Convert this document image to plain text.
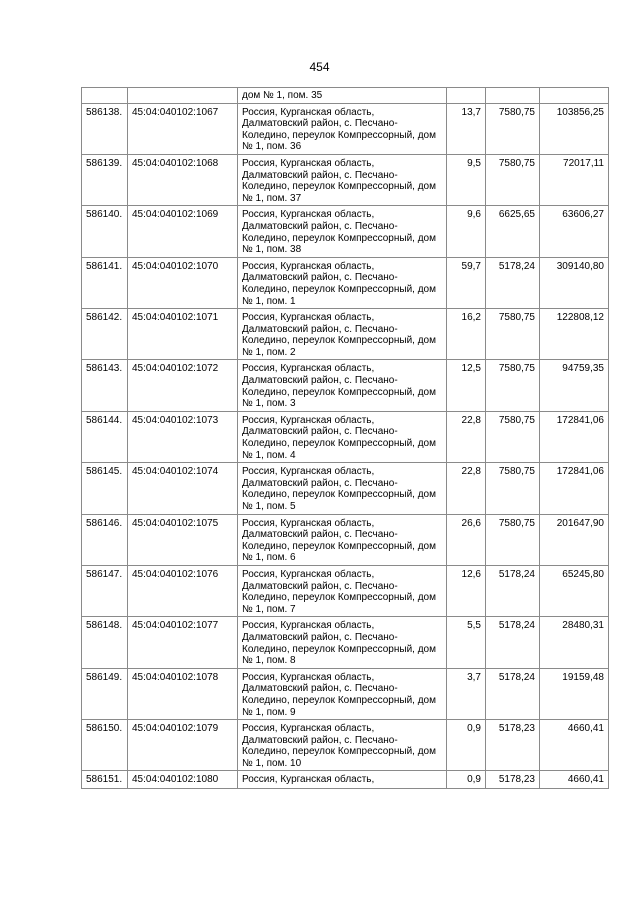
454
		дом № 1, пом. 35			
586138.	45:04:040102:1067	Россия, Курганская область, Далматовский район, с. Песчано-Коледино, переулок Компрессорный, дом № 1, пом. 36	13,7	7580,75	103856,25
586139.	45:04:040102:1068	Россия, Курганская область, Далматовский район, с. Песчано-Коледино, переулок Компрессорный, дом № 1, пом. 37	9,5	7580,75	72017,11
586140.	45:04:040102:1069	Россия, Курганская область, Далматовский район, с. Песчано-Коледино, переулок Компрессорный, дом № 1, пом. 38	9,6	6625,65	63606,27
586141.	45:04:040102:1070	Россия, Курганская область, Далматовский район, с. Песчано-Коледино, переулок Компрессорный, дом № 1, пом. 1	59,7	5178,24	309140,80
586142.	45:04:040102:1071	Россия, Курганская область, Далматовский район, с. Песчано-Коледино, переулок Компрессорный, дом № 1, пом. 2	16,2	7580,75	122808,12
586143.	45:04:040102:1072	Россия, Курганская область, Далматовский район, с. Песчано-Коледино, переулок Компрессорный, дом № 1, пом. 3	12,5	7580,75	94759,35
586144.	45:04:040102:1073	Россия, Курганская область, Далматовский район, с. Песчано-Коледино, переулок Компрессорный, дом № 1, пом. 4	22,8	7580,75	172841,06
586145.	45:04:040102:1074	Россия, Курганская область, Далматовский район, с. Песчано-Коледино, переулок Компрессорный, дом № 1, пом. 5	22,8	7580,75	172841,06
586146.	45:04:040102:1075	Россия, Курганская область, Далматовский район, с. Песчано-Коледино, переулок Компрессорный, дом № 1, пом. 6	26,6	7580,75	201647,90
586147.	45:04:040102:1076	Россия, Курганская область, Далматовский район, с. Песчано-Коледино, переулок Компрессорный, дом № 1, пом. 7	12,6	5178,24	65245,80
586148.	45:04:040102:1077	Россия, Курганская область, Далматовский район, с. Песчано-Коледино, переулок Компрессорный, дом № 1, пом. 8	5,5	5178,24	28480,31
586149.	45:04:040102:1078	Россия, Курганская область, Далматовский район, с. Песчано-Коледино, переулок Компрессорный, дом № 1, пом. 9	3,7	5178,24	19159,48
586150.	45:04:040102:1079	Россия, Курганская область, Далматовский район, с. Песчано-Коледино, переулок Компрессорный, дом № 1, пом. 10	0,9	5178,23	4660,41
586151.	45:04:040102:1080	Россия, Курганская область,	0,9	5178,23	4660,41
